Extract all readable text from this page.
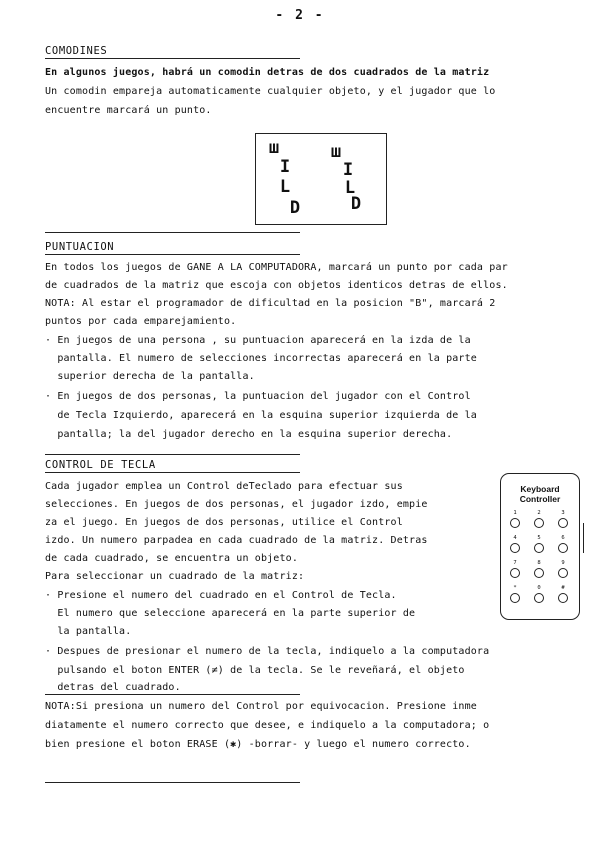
- 2 -
COMODINES
En algunos juegos, habrá un comodin detras de dos cuadrados de la matriz
Un comodin empareja automaticamente cualquier objeto, y el jugador que lo
encuentre marcará un punto.
ш
I
L
D
ш
I
L
D
PUNTUACION
En todos los juegos de GANE A LA COMPUTADORA, marcará un punto por cada par
de cuadrados de la matriz que escoja con objetos identicos detras de ellos.
NOTA: Al estar el programador de dificultad en la posicion "B", marcará 2
puntos por cada emparejamiento.
· En juegos de una persona , su puntuacion aparecerá en la izda de la
pantalla. El numero de selecciones incorrectas aparecerá en la parte
superior derecha de la pantalla.
· En juegos de dos personas, la puntuacion del jugador con el Control
de Tecla Izquierdo, aparecerá en la esquina superior izquierda de la
pantalla; la del jugador derecho en la esquina superior derecha.
CONTROL DE TECLA
Cada jugador emplea un Control deTeclado para efectuar sus
selecciones. En juegos de dos personas, el jugador izdo, empie
za el juego. En juegos de dos personas, utilice el Control
izdo. Un numero parpadea en cada cuadrado de la matriz. Detras
de cada cuadrado, se encuentra un objeto.
Para seleccionar un cuadrado de la matriz:
· Presione el numero del cuadrado en el Control de Tecla.
El numero que seleccione aparecerá en la parte superior de
la pantalla.
· Despues de presionar el numero de la tecla, indiquelo a la computadora
pulsando el boton ENTER (≠) de la tecla. Se le reveñará, el objeto
detras del cuadrado.
Keyboard
Controller
1	2	3
4	5	6
7	8	9
*	0	#
NOTA:Si presiona un numero del Control por equivocacion. Presione inme
diatamente el numero correcto que desee, e indiquelo a la computadora; o
bien presione el boton ERASE (✱) -borrar- y luego el numero correcto.
